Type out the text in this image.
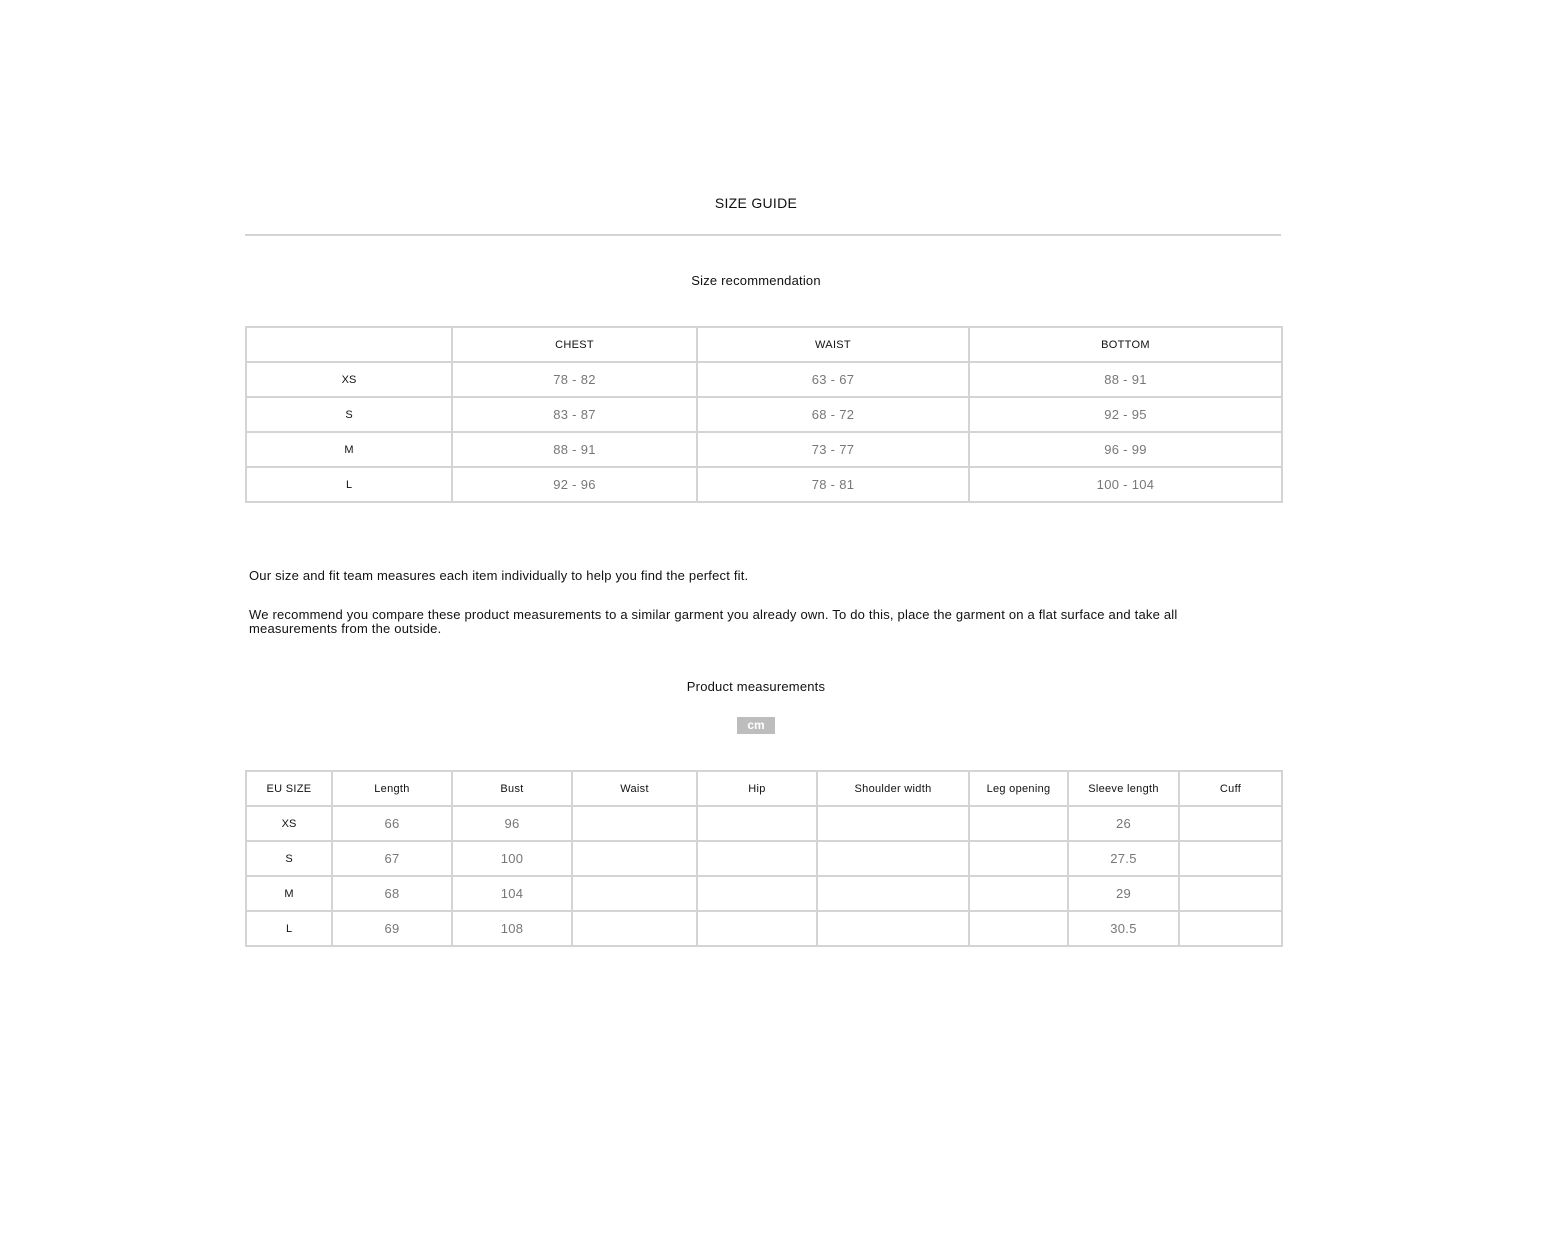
SIZE GUIDE
Size recommendation
	CHEST	WAIST	BOTTOM
XS	78 - 82	63 - 67	88 - 91
S	83 - 87	68 - 72	92 - 95
M	88 - 91	73 - 77	96 - 99
L	92 - 96	78 - 81	100 - 104

Our size and fit team measures each item individually to help you find the perfect fit.

We recommend you compare these product measurements to a similar garment you already own. To do this, place the garment on a flat surface and take all measurements from the outside.

Product measurements
cm
EU SIZE	Length	Bust	Waist	Hip	Shoulder width	Leg opening	Sleeve length	Cuff
XS	66	96					26	
S	67	100					27.5	
M	68	104					29	
L	69	108					30.5	
